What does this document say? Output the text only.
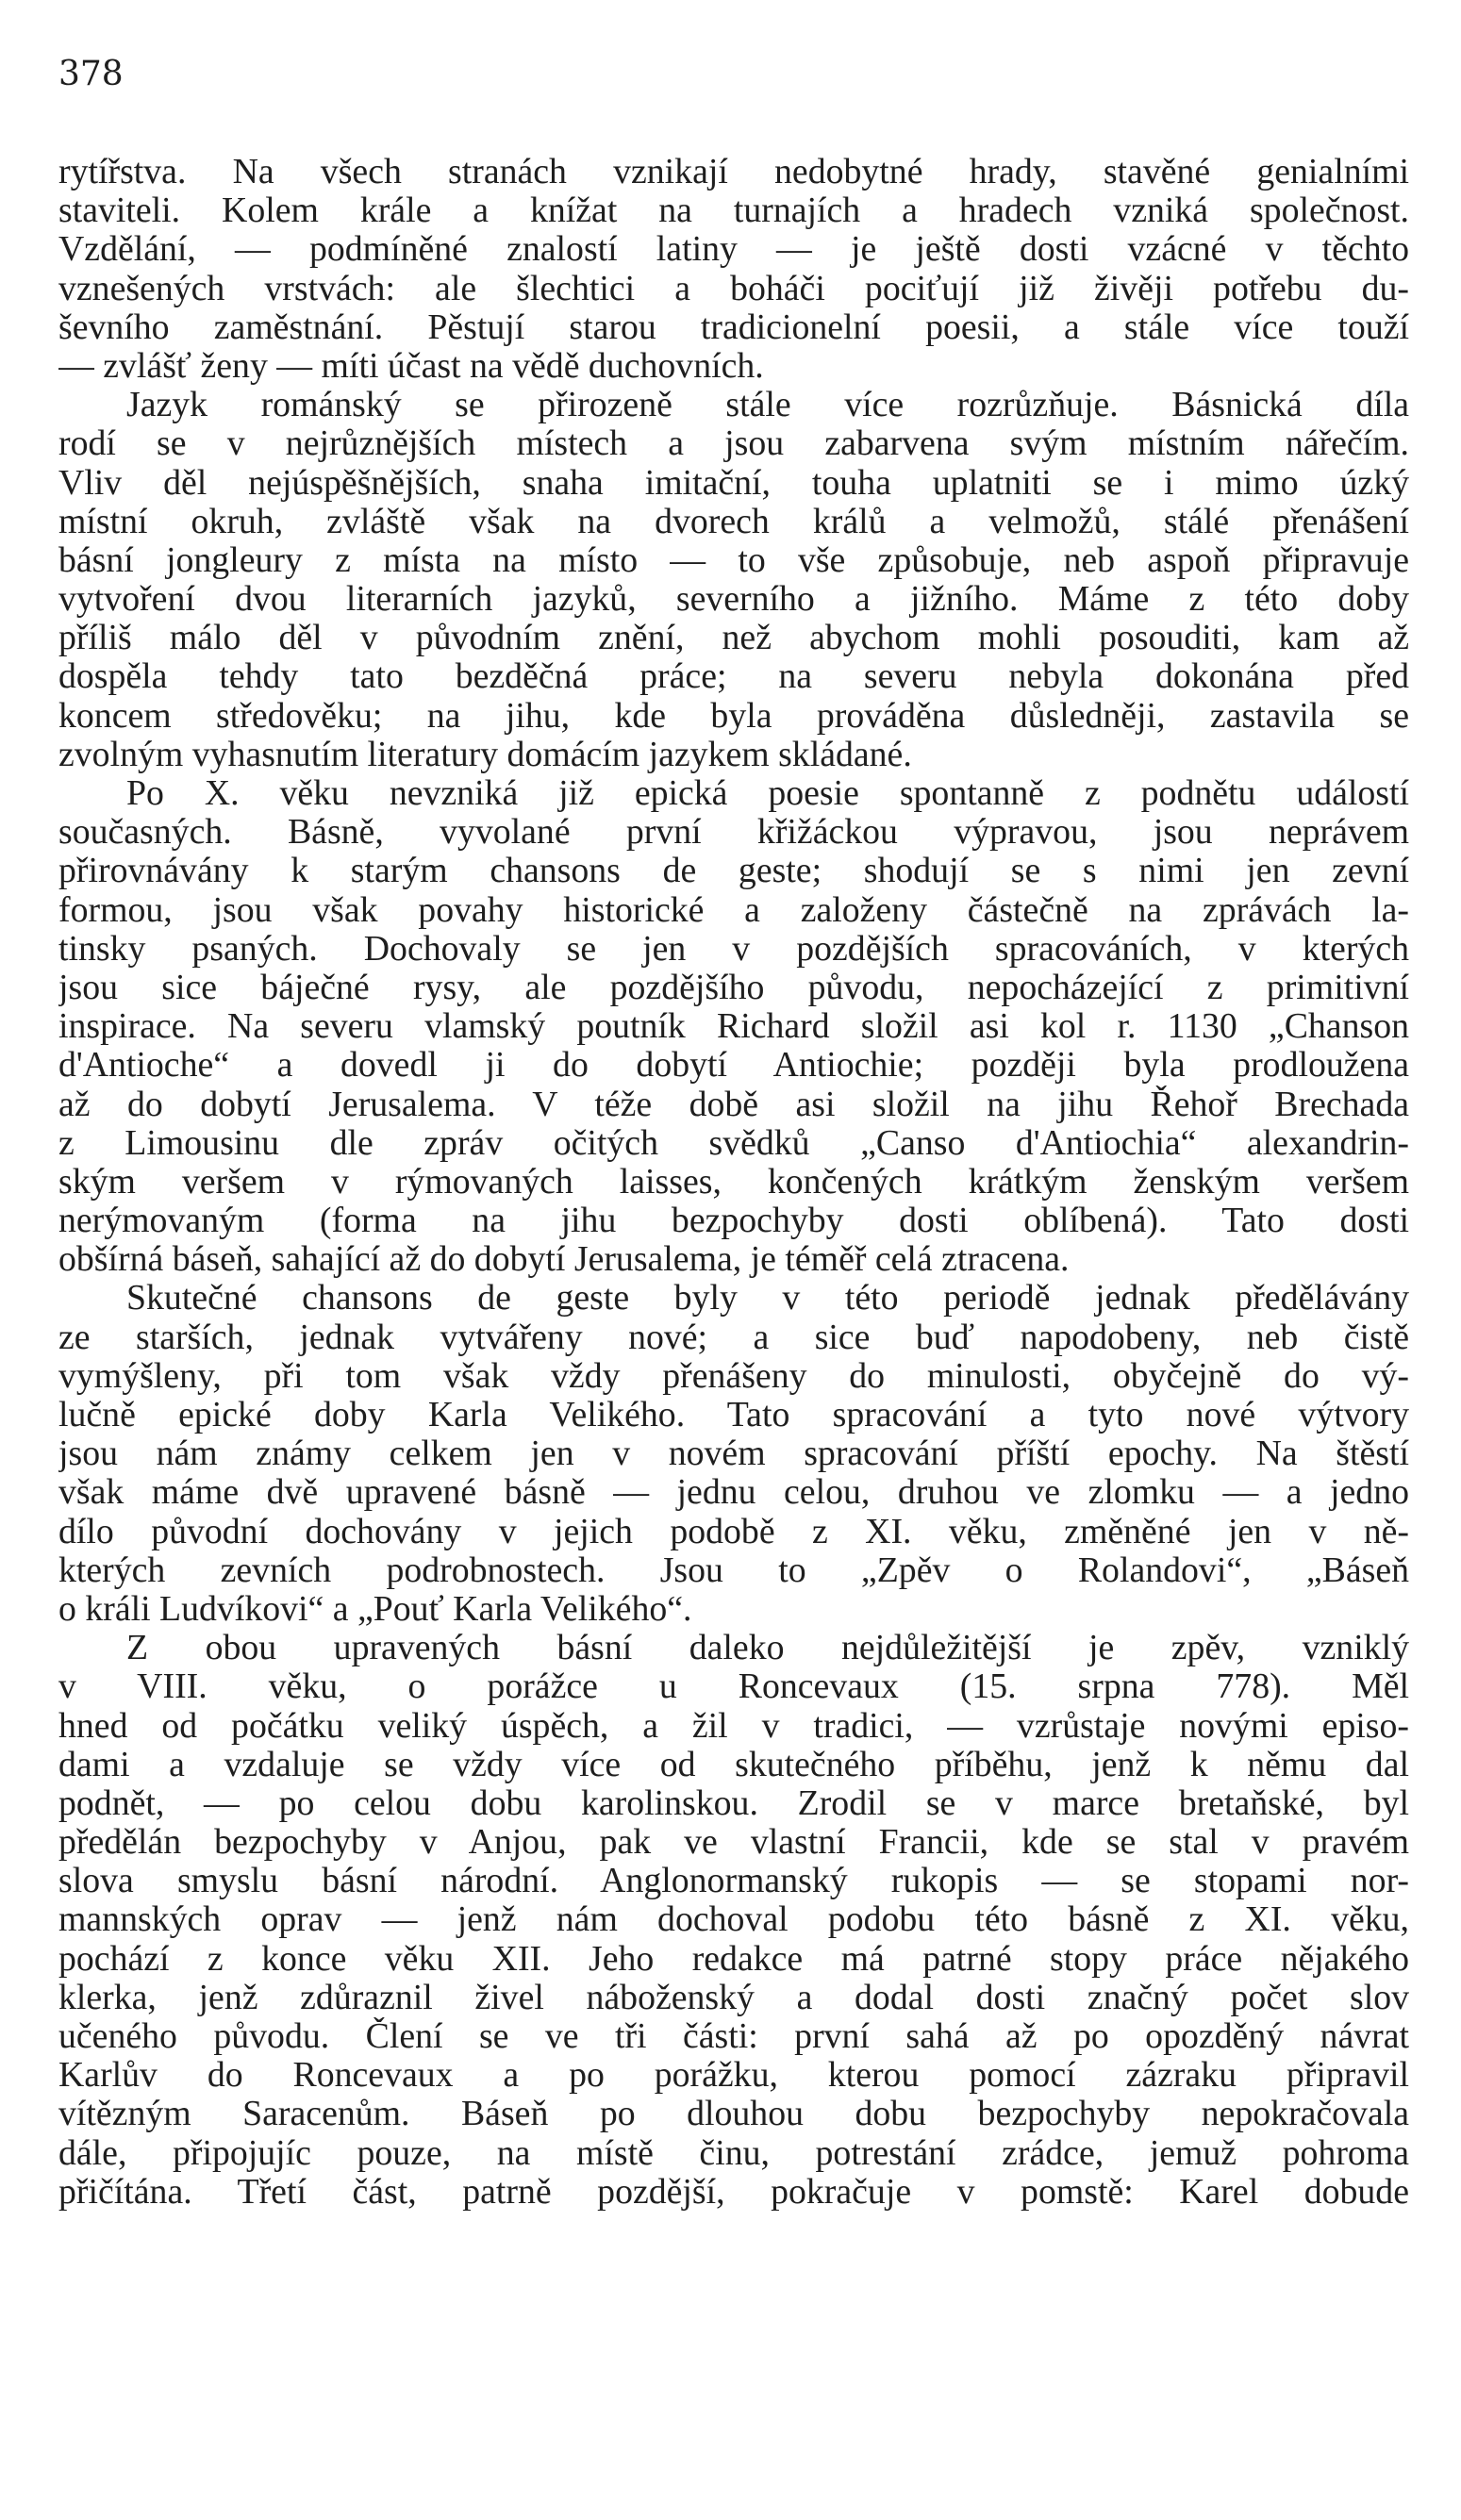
378
rytířstva. Na všech stranách vznikají nedobytné hrady, stavěné genialními
staviteli. Kolem krále a knížat na turnajích a hradech vzniká společnost.
Vzdělání, — podmíněné znalostí latiny — je ještě dosti vzácné v těchto
vznešených vrstvách: ale šlechtici a boháči pociťují již živěji potřebu du-
ševního zaměstnání. Pěstují starou tradicionelní poesii, a stále více touží
— zvlášť ženy — míti účast na vědě duchovních.
Jazyk románský se přirozeně stále více rozrůzňuje. Básnická díla
rodí se v nejrůznějších místech a jsou zabarvena svým místním nářečím.
Vliv děl nejúspěšnějších, snaha imitační, touha uplatniti se i mimo úzký
místní okruh, zvláště však na dvorech králů a velmožů, stálé přenášení
básní jongleury z místa na místo — to vše způsobuje, neb aspoň připravuje
vytvoření dvou literarních jazyků, severního a jižního. Máme z této doby
příliš málo děl v původním znění, než abychom mohli posouditi, kam až
dospěla tehdy tato bezděčná práce; na severu nebyla dokonána před
koncem středověku; na jihu, kde byla prováděna důsledněji, zastavila se
zvolným vyhasnutím literatury domácím jazykem skládané.
Po X. věku nevzniká již epická poesie spontanně z podnětu událostí
současných. Básně, vyvolané první křižáckou výpravou, jsou neprávem
přirovnávány k starým chansons de geste; shodují se s nimi jen zevní
formou, jsou však povahy historické a založeny částečně na zprávách la-
tinsky psaných. Dochovaly se jen v pozdějších spracováních, v kterých
jsou sice báječné rysy, ale pozdějšího původu, nepocházející z primitivní
inspirace. Na severu vlamský poutník Richard složil asi kol r. 1130 „Chanson
d'Antioche“ a dovedl ji do dobytí Antiochie; později byla prodloužena
až do dobytí Jerusalema. V téže době asi složil na jihu Řehoř Brechada
z Limousinu dle zpráv očitých svědků „Canso d'Antiochia“ alexandrin-
ským veršem v rýmovaných laisses, končených krátkým ženským veršem
nerýmovaným (forma na jihu bezpochyby dosti oblíbená). Tato dosti
obšírná báseň, sahající až do dobytí Jerusalema, je téměř celá ztracena.
Skutečné chansons de geste byly v této periodě jednak předělávány
ze starších, jednak vytvářeny nové; a sice buď napodobeny, neb čistě
vymýšleny, při tom však vždy přenášeny do minulosti, obyčejně do vý-
lučně epické doby Karla Velikého. Tato spracování a tyto nové výtvory
jsou nám známy celkem jen v novém spracování příští epochy. Na štěstí
však máme dvě upravené básně — jednu celou, druhou ve zlomku — a jedno
dílo původní dochovány v jejich podobě z XI. věku, změněné jen v ně-
kterých zevních podrobnostech. Jsou to „Zpěv o Rolandovi“, „Báseň
o králi Ludvíkovi“ a „Pouť Karla Velikého“.
Z obou upravených básní daleko nejdůležitější je zpěv, vzniklý
v VIII. věku, o porážce u Roncevaux (15. srpna 778). Měl
hned od počátku veliký úspěch, a žil v tradici, — vzrůstaje novými episo-
dami a vzdaluje se vždy více od skutečného příběhu, jenž k němu dal
podnět, — po celou dobu karolinskou. Zrodil se v marce bretaňské, byl
předělán bezpochyby v Anjou, pak ve vlastní Francii, kde se stal v pravém
slova smyslu básní národní. Anglonormanský rukopis — se stopami nor-
mannských oprav — jenž nám dochoval podobu této básně z XI. věku,
pochází z konce věku XII. Jeho redakce má patrné stopy práce nějakého
klerka, jenž zdůraznil živel náboženský a dodal dosti značný počet slov
učeného původu. Člení se ve tři části: první sahá až po opozděný návrat
Karlův do Roncevaux a po porážku, kterou pomocí zázraku připravil
vítězným Saracenům. Báseň po dlouhou dobu bezpochyby nepokračovala
dále, připojujíc pouze, na místě činu, potrestání zrádce, jemuž pohroma
přičítána. Třetí část, patrně pozdější, pokračuje v pomstě: Karel dobude
